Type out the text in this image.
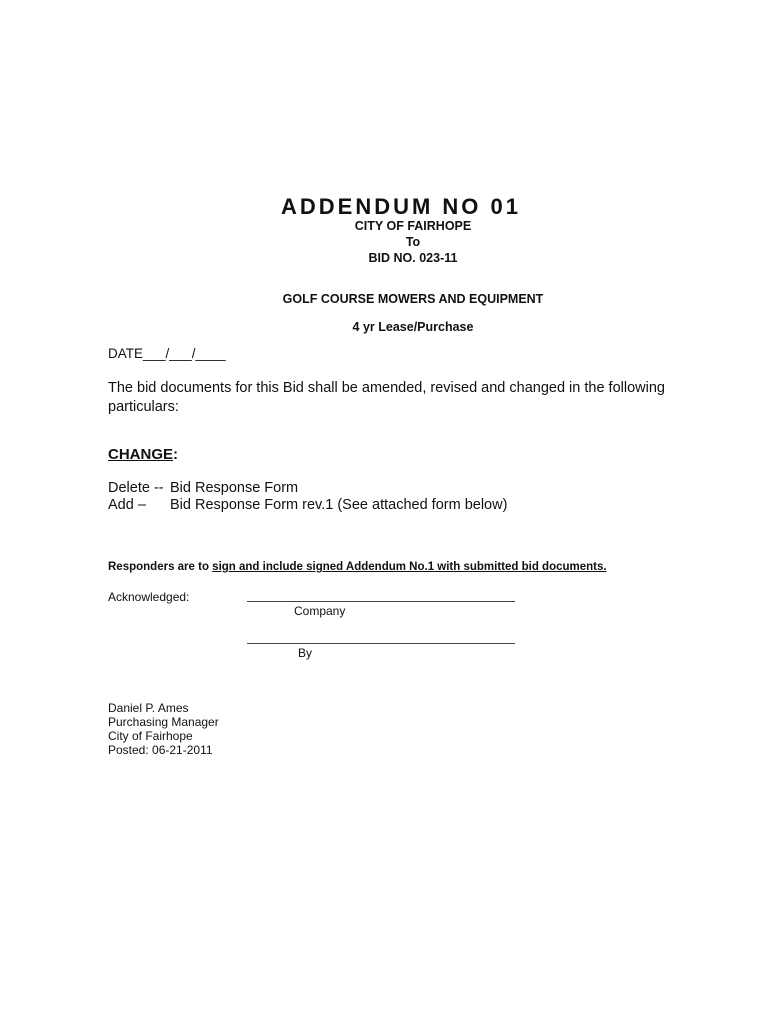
ADDENDUM NO 01
CITY OF FAIRHOPE
To
BID NO. 023-11
GOLF COURSE MOWERS AND EQUIPMENT
4 yr Lease/Purchase
DATE___/___/____
The bid documents for this Bid shall be amended, revised and changed in the following particulars:
CHANGE:
Delete -- Bid Response Form
Add – Bid Response Form rev.1 (See attached form below)
Responders are to sign and include signed Addendum No.1 with submitted bid documents.
Acknowledged:
Company
By
Daniel P. Ames
Purchasing Manager
City of Fairhope
Posted: 06-21-2011
